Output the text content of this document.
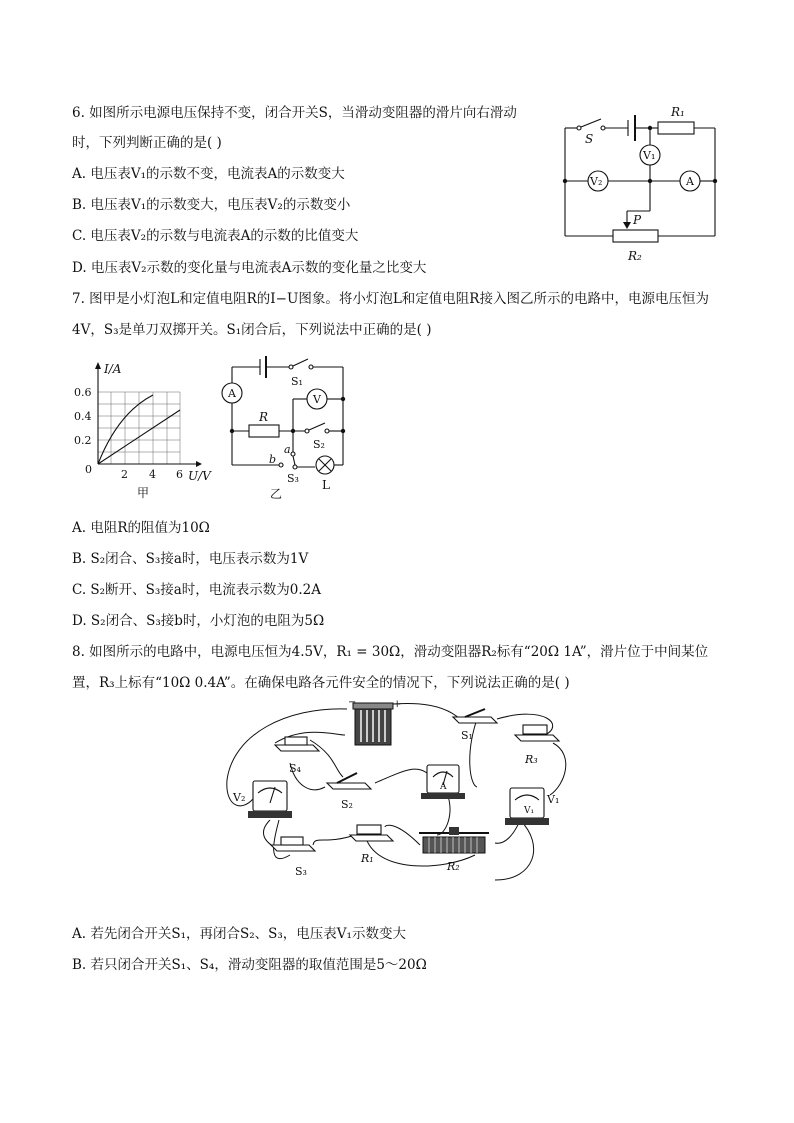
6. 如图所示电源电压保持不变，闭合开关S，当滑动变阻器的滑片向右滑动
时，下列判断正确的是( )
A. 电压表V₁的示数不变，电流表A的示数变大
B. 电压表V₁的示数变大，电压表V₂的示数变小
C. 电压表V₂的示数与电流表A的示数的比值变大
D. 电压表V₂示数的变化量与电流表A示数的变化量之比变大
S
R₁
V₁
V₂	A
P
R₂
7. 图甲是小灯泡L和定值电阻R的I−U图象。将小灯泡L和定值电阻R接入图乙所示的电路中，电源电压恒为
4V，S₃是单刀双掷开关。S₁闭合后，下列说法中正确的是( )
I/A
U/V
0.6
0.4
0.2
0	2 4 6
甲
S₁
A	V
R
S₂
a
b
S₃ L
乙
A. 电阻R的阻值为10Ω
B. S₂闭合、S₃接a时，电压表示数为1V
C. S₂断开、S₃接a时，电流表示数为0.2A
D. S₂闭合、S₃接b时，小灯泡的电阻为5Ω
8. 如图所示的电路中，电源电压恒为4.5V，R₁ = 30Ω，滑动变阻器R₂标有“20Ω 1A”，滑片位于中间某位
置，R₃上标有“10Ω 0.4A”。在确保电路各元件安全的情况下，下列说法正确的是( )
−	+
S₁
R₃
S₄
A
S₂
V₂
V₁
V₁
R₁
R₂
S₃
A. 若先闭合开关S₁，再闭合S₂、S₃，电压表V₁示数变大
B. 若只闭合开关S₁、S₄，滑动变阻器的取值范围是5～20Ω
